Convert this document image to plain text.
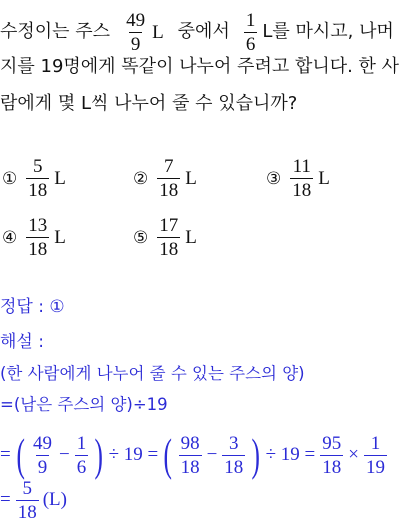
수정이는 주스 $\frac{49}{9}$ L 중에서 $\frac{1}{6}$ L를 마시고, 나머
지를 19명에게 똑같이 나누어 주려고 합니다. 한 사
람에게 몇 L씩 나누어 줄 수 있습니까?
① $\frac{5}{18}$ L	② $\frac{7}{18}$ L	③ $\frac{11}{18}$ L
④ $\frac{13}{18}$ L	⑤ $\frac{17}{18}$ L
정답 : ①
해설 :
(한 사람에게 나누어 줄 수 있는 주스의 양)
=(남은 주스의 양)÷19
= ( $\frac{49}{9} - \frac{1}{6}$ ) ÷ 19 = ( $\frac{98}{18} - \frac{3}{18}$ ) ÷ $19 = \frac{95}{18} \times \frac{1}{19}$
= $\frac{5}{18} (L)$
